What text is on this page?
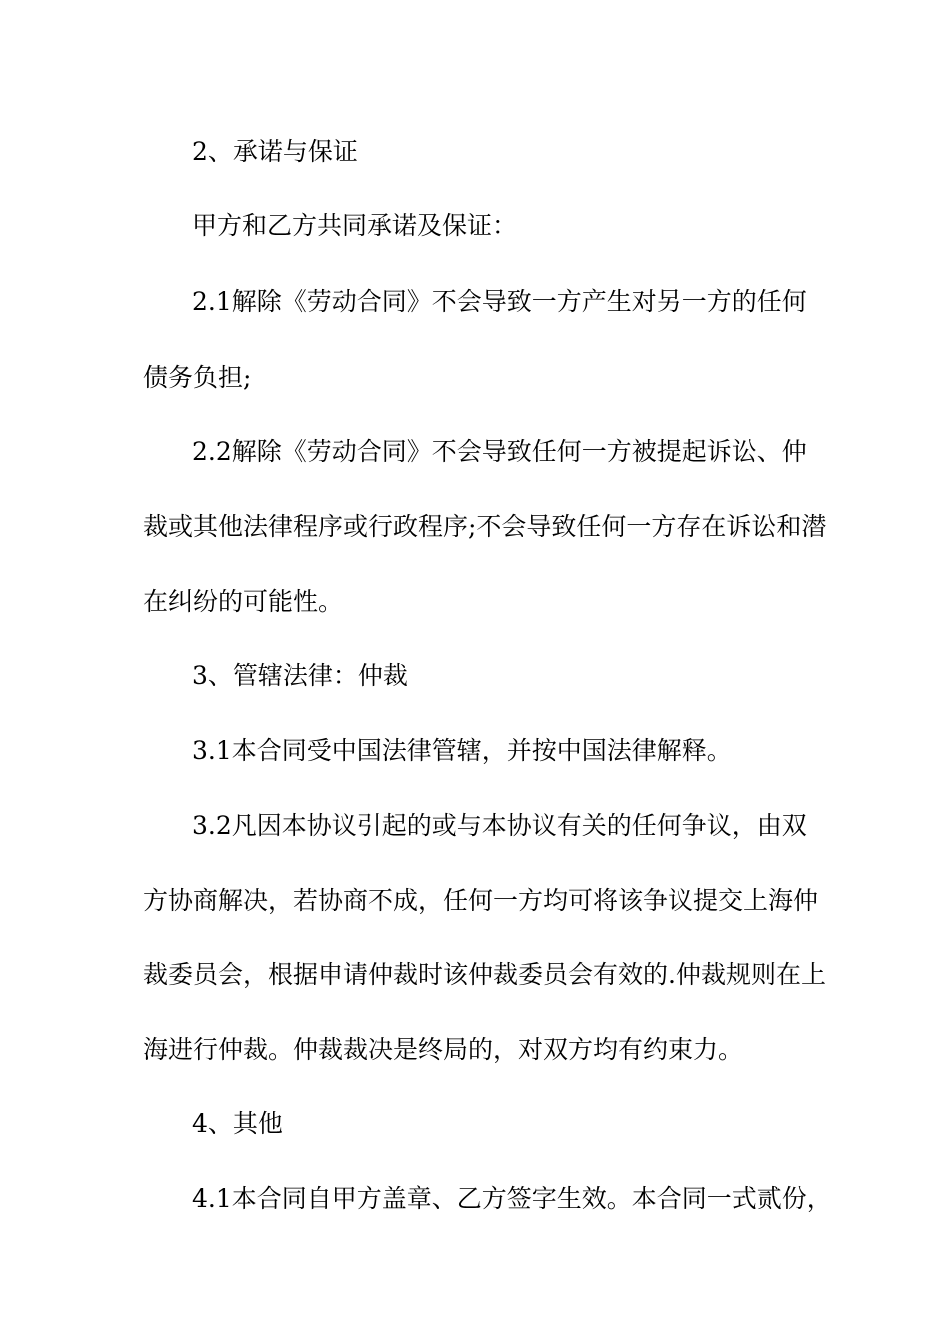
2、承诺与保证
甲方和乙方共同承诺及保证：
2.1解除《劳动合同》不会导致一方产生对另一方的任何
债务负担;
2.2解除《劳动合同》不会导致任何一方被提起诉讼、仲
裁或其他法律程序或行政程序;不会导致任何一方存在诉讼和潜
在纠纷的可能性。
3、管辖法律：仲裁
3.1本合同受中国法律管辖，并按中国法律解释。
3.2凡因本协议引起的或与本协议有关的任何争议，由双
方协商解决，若协商不成，任何一方均可将该争议提交上海仲
裁委员会，根据申请仲裁时该仲裁委员会有效的.仲裁规则在上
海进行仲裁。仲裁裁决是终局的，对双方均有约束力。
4、其他
4.1本合同自甲方盖章、乙方签字生效。本合同一式贰份，
